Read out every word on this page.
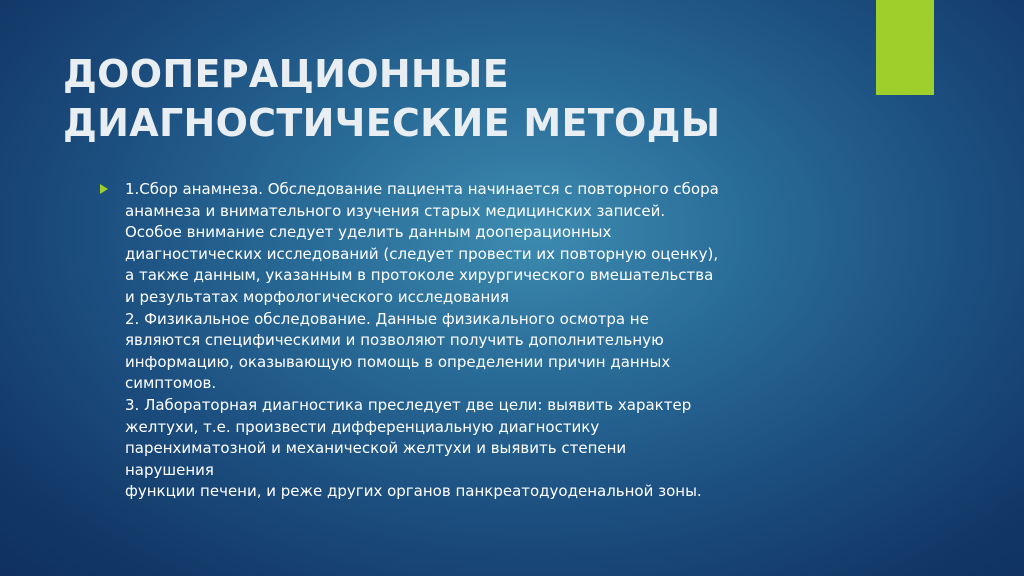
ДООПЕРАЦИОННЫЕ
ДИАГНОСТИЧЕСКИЕ МЕТОДЫ
1.Сбор анамнеза. Обследование пациента начинается с повторного сбора
анамнеза и внимательного изучения старых медицинских записей.
Особое внимание следует уделить данным дооперационных
диагностических исследований (следует провести их повторную оценку),
а также данным, указанным в протоколе хирургического вмешательства
и результатах морфологического исследования
2. Физикальное обследование. Данные физикального осмотра не
являются специфическими и позволяют получить дополнительную
информацию, оказывающую помощь в определении причин данных
симптомов.
3. Лабораторная диагностика преследует две цели: выявить характер
желтухи, т.е. произвести дифференциальную диагностику
паренхиматозной и механической желтухи и выявить степени
нарушения
функции печени, и реже других органов панкреатодуоденальной зоны.
